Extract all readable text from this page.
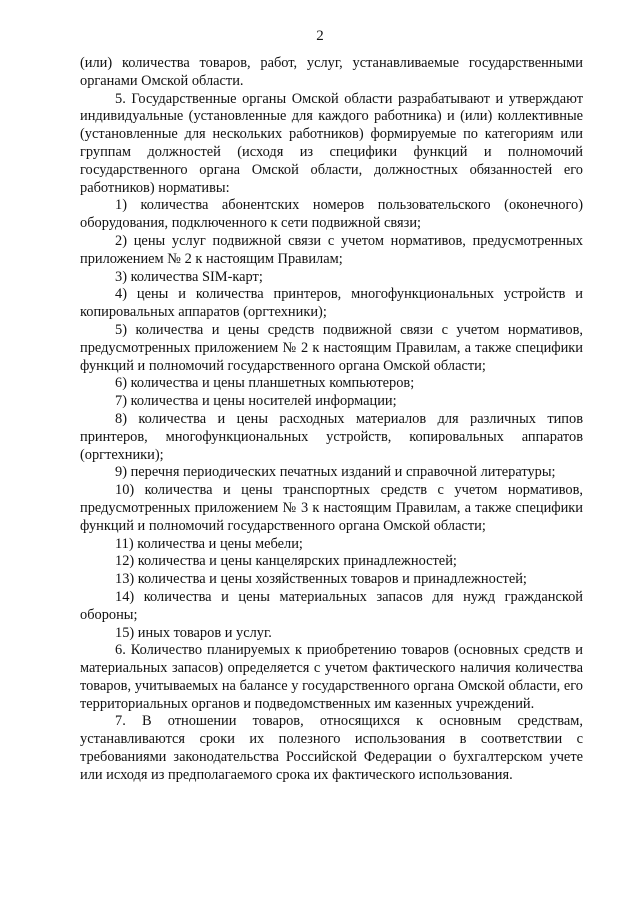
2

(или) количества товаров, работ, услуг, устанавливаемые государственными органами Омской области.

5. Государственные органы Омской области разрабатывают и утверждают индивидуальные (установленные для каждого работника) и (или) коллективные (установленные для нескольких работников) формируемые по категориям или группам должностей (исходя из специфики функций и полномочий государственного органа Омской области, должностных обязанностей его работников) нормативы:

1) количества абонентских номеров пользовательского (оконечного) оборудования, подключенного к сети подвижной связи;

2) цены услуг подвижной связи с учетом нормативов, предусмотренных приложением № 2 к настоящим Правилам;

3) количества SIM-карт;

4) цены и количества принтеров, многофункциональных устройств и копировальных аппаратов (оргтехники);

5) количества и цены средств подвижной связи с учетом нормативов, предусмотренных приложением № 2 к настоящим Правилам, а также специфики функций и полномочий государственного органа Омской области;

6) количества и цены планшетных компьютеров;

7) количества и цены носителей информации;

8) количества и цены расходных материалов для различных типов принтеров, многофункциональных устройств, копировальных аппаратов (оргтехники);

9) перечня периодических печатных изданий и справочной литературы;

10) количества и цены транспортных средств с учетом нормативов, предусмотренных приложением № 3 к настоящим Правилам, а также специфики функций и полномочий государственного органа Омской области;

11) количества и цены мебели;

12) количества и цены канцелярских принадлежностей;

13) количества и цены хозяйственных товаров и принадлежностей;

14) количества и цены материальных запасов для нужд гражданской обороны;

15) иных товаров и услуг.

6. Количество планируемых к приобретению товаров (основных средств и материальных запасов) определяется с учетом фактического наличия количества товаров, учитываемых на балансе у государственного органа Омской области, его территориальных органов и подведомственных им казенных учреждений.

7. В отношении товаров, относящихся к основным средствам, устанавливаются сроки их полезного использования в соответствии с требованиями законодательства Российской Федерации о бухгалтерском учете или исходя из предполагаемого срока их фактического использования.
